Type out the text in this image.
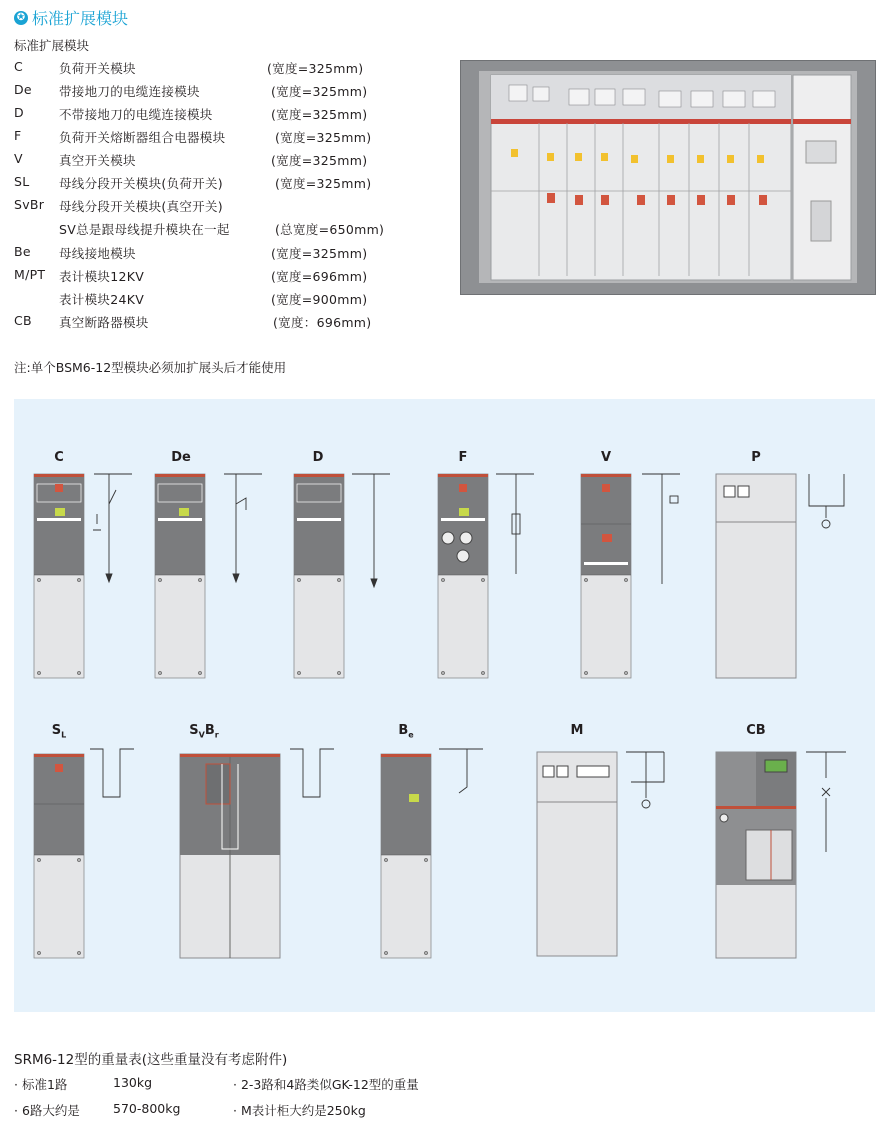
✪ 标准扩展模块
标准扩展模块
C	负荷开关模块	(宽度=325mm)
De 带接地刀的电缆连接模块	(宽度=325mm)
D	不带接地刀的电缆连接模块	(宽度=325mm)
F	负荷开关熔断器组合电器模块	(宽度=325mm)
V	真空开关模块	(宽度=325mm)
SL 母线分段开关模块(负荷开关)	(宽度=325mm)
SvBr 母线分段开关模块(真空开关)
SV总是跟母线提升模块在一起	(总宽度=650mm)
Be 母线接地模块	(宽度=325mm)
M/PT 表计模块12KV	(宽度=696mm)
表计模块24KV	(宽度=900mm)
CB 真空断路器模块	(宽度：696mm)
注:单个BSM6-12型模块必须加扩展头后才能使用
C	De	D	F	V	P
$S_L$	$S_VB_r$	$B_e$	M	CB
SRM6-12型的重量表(这些重量没有考虑附件)
· 标准1路	130kg	· 2-3路和4路类似GK-12型的重量
· 6路大约是	570-800kg	· M表计柜大约是250kg
